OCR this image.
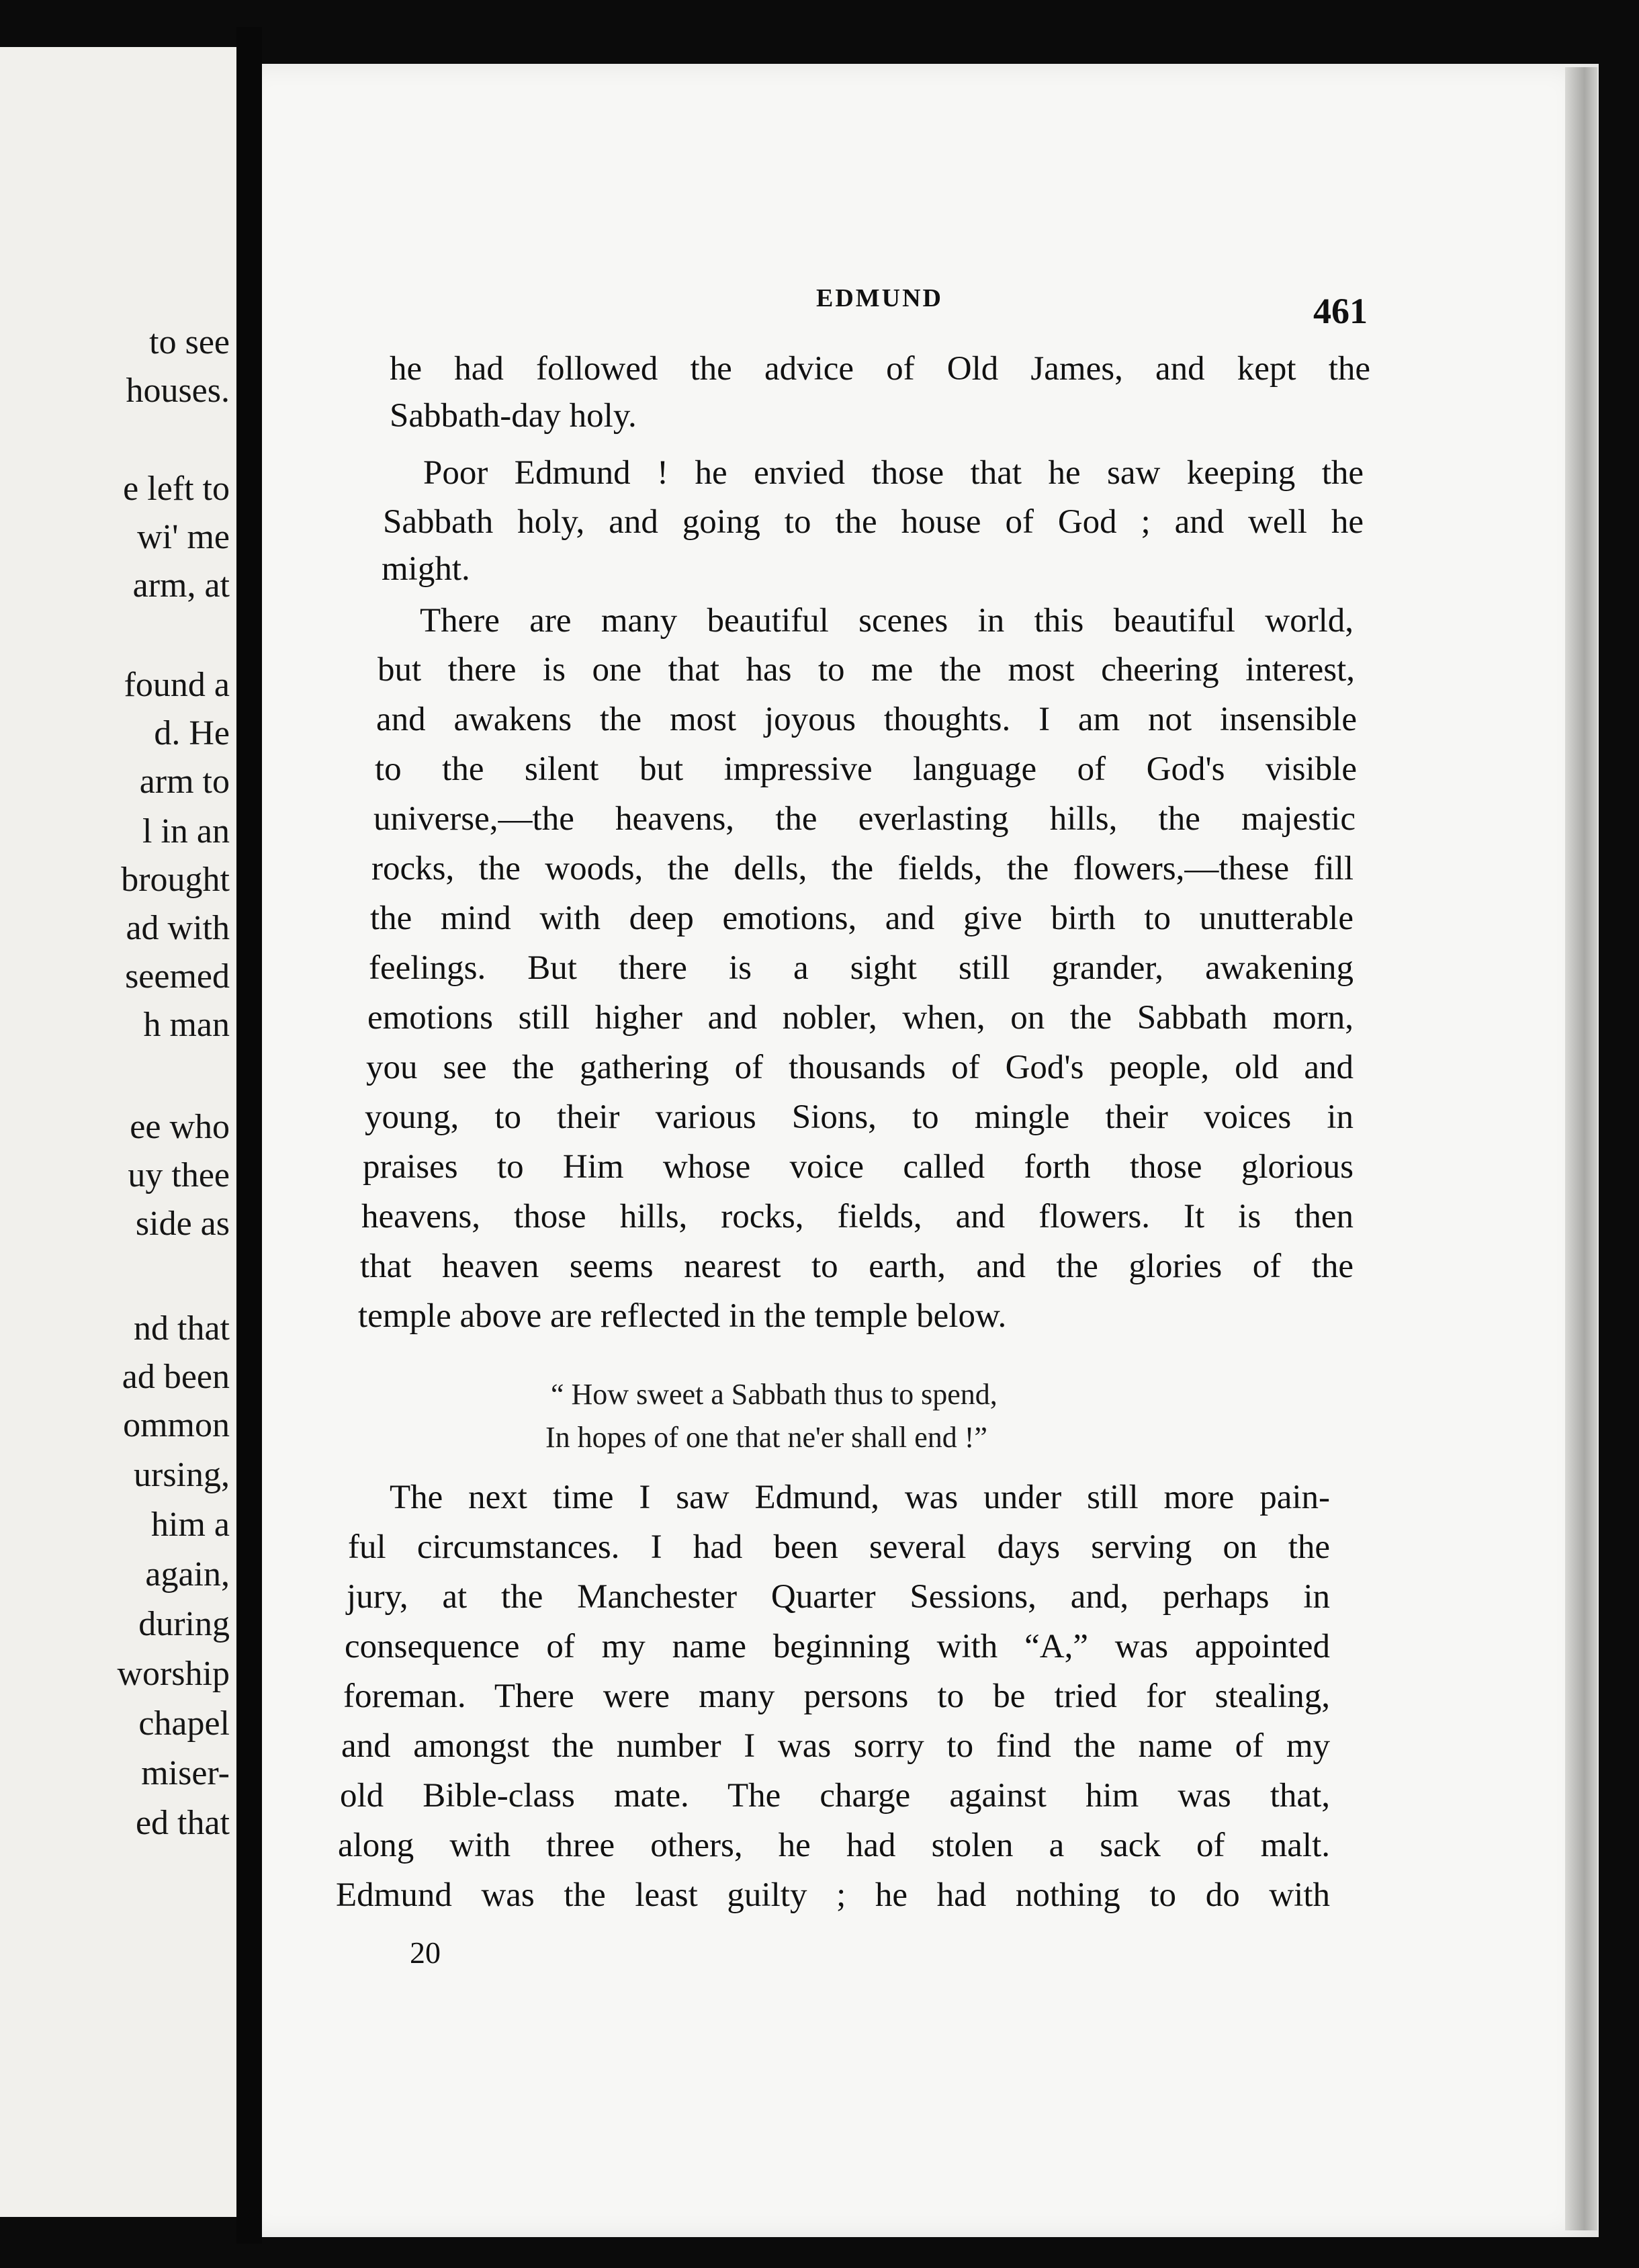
to see
houses.
e left to
wi' me
arm, at
found a
d. He
arm to
l in an
brought
ad with
seemed
h man
ee who
uy thee
side as
nd that
ad been
ommon
ursing,
him a
again,
during
worship
chapel
miser-
ed that
EDMUND	461
he had followed the advice of Old James, and kept the
Sabbath-day holy.
Poor Edmund ! he envied those that he saw keeping the
Sabbath holy, and going to the house of God ; and well he
might.
There are many beautiful scenes in this beautiful world,
but there is one that has to me the most cheering interest,
and awakens the most joyous thoughts. I am not insensible
to the silent but impressive language of God's visible
universe,—the heavens, the everlasting hills, the majestic
rocks, the woods, the dells, the fields, the flowers,—these fill
the mind with deep emotions, and give birth to unutterable
feelings. But there is a sight still grander, awakening
emotions still higher and nobler, when, on the Sabbath morn,
you see the gathering of thousands of God's people, old and
young, to their various Sions, to mingle their voices in
praises to Him whose voice called forth those glorious
heavens, those hills, rocks, fields, and flowers. It is then
that heaven seems nearest to earth, and the glories of the
temple above are reflected in the temple below.
“ How sweet a Sabbath thus to spend,
In hopes of one that ne'er shall end !”
The next time I saw Edmund, was under still more pain-
ful circumstances. I had been several days serving on the
jury, at the Manchester Quarter Sessions, and, perhaps in
consequence of my name beginning with “A,” was appointed
foreman. There were many persons to be tried for stealing,
and amongst the number I was sorry to find the name of my
old Bible-class mate. The charge against him was that,
along with three others, he had stolen a sack of malt.
Edmund was the least guilty ; he had nothing to do with
20
